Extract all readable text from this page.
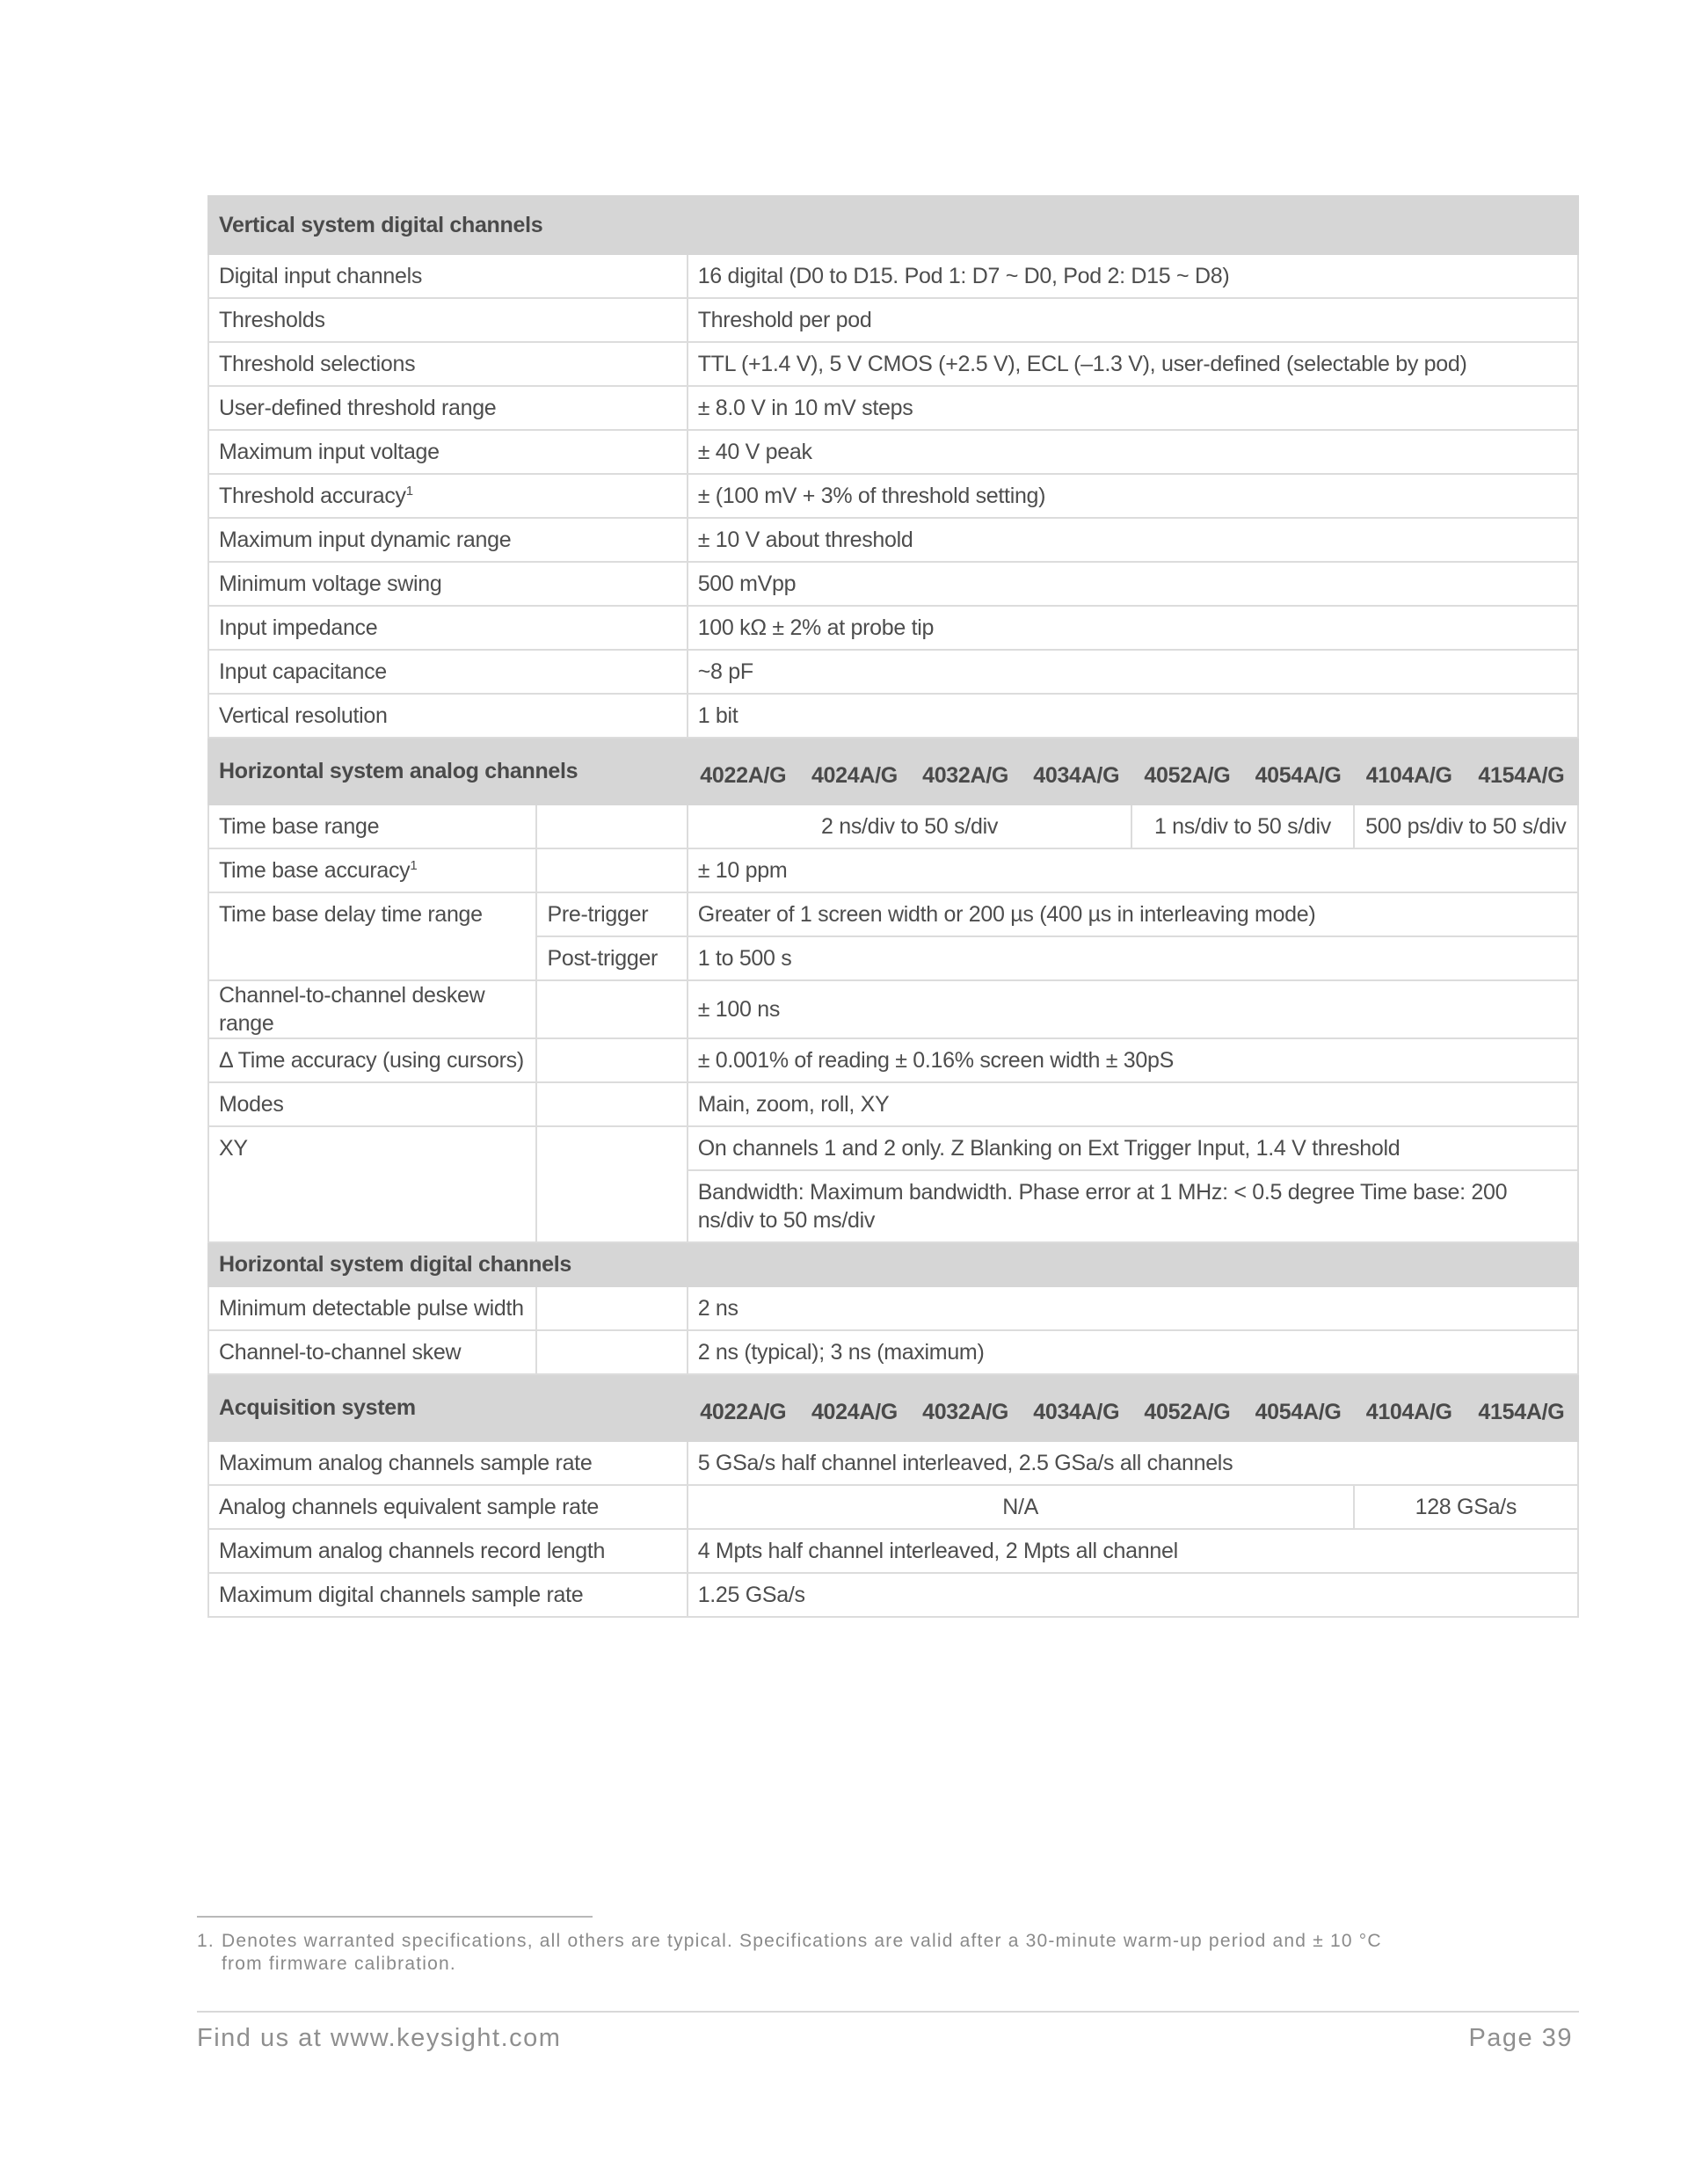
Vertical system digital channels									
Digital input channels		16 digital (D0 to D15. Pod 1: D7 ~ D0, Pod 2: D15 ~ D8)							
Thresholds		Threshold per pod							
Threshold selections		TTL (+1.4 V), 5 V CMOS (+2.5 V), ECL (–1.3 V), user-defined (selectable by pod)							
User-defined threshold range		± 8.0 V in 10 mV steps							
Maximum input voltage		± 40 V peak							
Threshold accuracy$^1$		± (100 mV + 3% of threshold setting)							
Maximum input dynamic range		± 10 V about threshold							
Minimum voltage swing		500 mVpp							
Input impedance		100 kΩ ± 2% at probe tip							
Input capacitance		~8 pF							
Vertical resolution		1 bit							
Horizontal system analog channels		4022A/G	4024A/G	4032A/G	4034A/G	4052A/G	4054A/G	4104A/G	4154A/G
Time base range		2 ns/div to 50 s/div				1 ns/div to 50 s/div		500 ps/div to 50 s/div	
Time base accuracy$^1$		± 10 ppm							
Time base delay time range	Pre-trigger	Greater of 1 screen width or 200 µs (400 µs in interleaving mode)							
	Post-trigger	1 to 500 s							
Channel-to-channel deskew range		± 100 ns							
Δ Time accuracy (using cursors)		± 0.001% of reading ± 0.16% screen width ± 30pS							
Modes		Main, zoom, roll, XY							
XY		On channels 1 and 2 only. Z Blanking on Ext Trigger Input, 1.4 V threshold							
		Bandwidth: Maximum bandwidth. Phase error at 1 MHz: < 0.5 degree Time base: 200 ns/div to 50 ms/div							
Horizontal system digital channels									
Minimum detectable pulse width		2 ns							
Channel-to-channel skew		2 ns (typical); 3 ns (maximum)							
Acquisition system		4022A/G	4024A/G	4032A/G	4034A/G	4052A/G	4054A/G	4104A/G	4154A/G
Maximum analog channels sample rate		5 GSa/s half channel interleaved, 2.5 GSa/s all channels							
Analog channels equivalent sample rate		N/A						128 GSa/s	
Maximum analog channels record length		4 Mpts half channel interleaved, 2 Mpts all channel							
Maximum digital channels sample rate		1.25 GSa/s							
1. Denotes warranted specifications, all others are typical. Specifications are valid after a 30-minute warm-up period and ± 10 °C from firmware calibration.
Find us at www.keysight.com	Page 39
